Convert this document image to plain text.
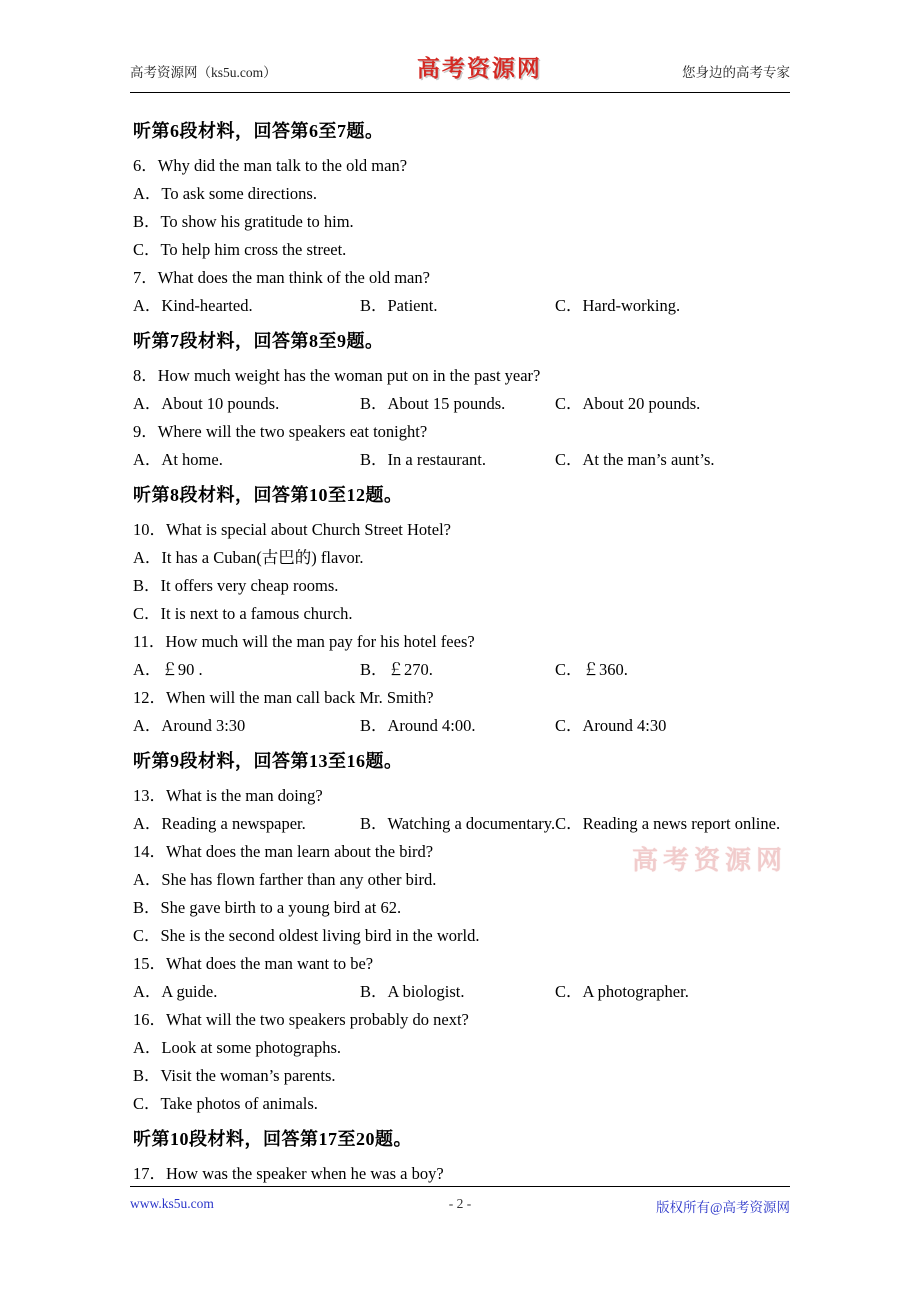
高考资源网（ks5u.com）	高考资源网	您身边的高考专家
听第6段材料，回答第6至7题。
6．Why did the man talk to the old man?
A．To ask some directions.
B．To show his gratitude to him.
C．To help him cross the street.
7．What does the man think of the old man?
A．Kind-hearted.	B．Patient.	C．Hard-working.
听第7段材料，回答第8至9题。
8．How much weight has the woman put on in the past year?
A．About 10 pounds.	B．About 15 pounds.	C．About 20 pounds.
9．Where will the two speakers eat tonight?
A．At home.	B．In a restaurant.	C．At the man’s aunt’s.
听第8段材料，回答第10至12题。
10．What is special about Church Street Hotel?
A．It has a Cuban(古巴的) flavor.
B．It offers very cheap rooms.
C．It is next to a famous church.
11．How much will the man pay for his hotel fees?
A．￡90 .	B．￡270.	C．￡360.
12．When will the man call back Mr. Smith?
A．Around 3:30	B．Around 4:00.	C．Around 4:30
听第9段材料，回答第13至16题。
13．What is the man doing?
A．Reading a newspaper.	B．Watching a documentary.C．Reading a news report online.
14．What does the man learn about the bird?
A．She has flown farther than any other bird.
B．She gave birth to a young bird at 62.
C．She is the second oldest living bird in the world.
15．What does the man want to be?
A．A guide.	B．A biologist.	C．A photographer.
16．What will the two speakers probably do next?
A．Look at some photographs.
B．Visit the woman’s parents.
C．Take photos of animals.
听第10段材料，回答第17至20题。
17．How was the speaker when he was a boy?
高考资源网
www.ks5u.com	- 2 -	版权所有@高考资源网
